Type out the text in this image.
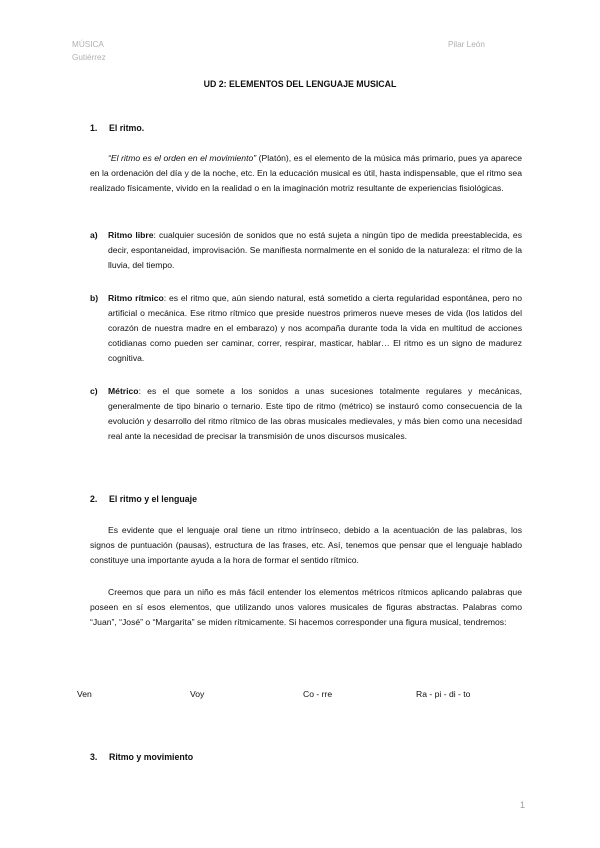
MÚSICA
Gutiérrez
Pilar León
UD 2: ELEMENTOS DEL LENGUAJE MUSICAL
1. El ritmo.
“El ritmo es el orden en el movimiento” (Platón), es el elemento de la música más primario, pues ya aparece en la ordenación del día y de la noche, etc. En la educación musical es útil, hasta indispensable, que el ritmo sea realizado físicamente, vivido en la realidad o en la imaginación motriz resultante de experiencias fisiológicas.
a) Ritmo libre: cualquier sucesión de sonidos que no está sujeta a ningún tipo de medida preestablecida, es decir, espontaneidad, improvisación. Se manifiesta normalmente en el sonido de la naturaleza: el ritmo de la lluvia, del tiempo.
b) Ritmo rítmico: es el ritmo que, aún siendo natural, está sometido a cierta regularidad espontánea, pero no artificial o mecánica. Ese ritmo rítmico que preside nuestros primeros nueve meses de vida (los latidos del corazón de nuestra madre en el embarazo) y nos acompaña durante toda la vida en multitud de acciones cotidianas como pueden ser caminar, correr, respirar, masticar, hablar… El ritmo es un signo de madurez cognitiva.
c) Métrico: es el que somete a los sonidos a unas sucesiones totalmente regulares y mecánicas, generalmente de tipo binario o ternario. Este tipo de ritmo (métrico) se instauró como consecuencia de la evolución y desarrollo del ritmo rítmico de las obras musicales medievales, y más bien como una necesidad real ante la necesidad de precisar la transmisión de unos discursos musicales.
2. El ritmo y el lenguaje
Es evidente que el lenguaje oral tiene un ritmo intrínseco, debido a la acentuación de las palabras, los signos de puntuación (pausas), estructura de las frases, etc. Así, tenemos que pensar que el lenguaje hablado constituye una importante ayuda a la hora de formar el sentido rítmico.
Creemos que para un niño es más fácil entender los elementos métricos rítmicos aplicando palabras que poseen en sí esos elementos, que utilizando unos valores musicales de figuras abstractas. Palabras como “Juan”, “José” o “Margarita” se miden rítmicamente. Si hacemos corresponder una figura musical, tendremos:
Ven	Voy	Co - rre	Ra - pi - di - to
3. Ritmo y movimiento
1
